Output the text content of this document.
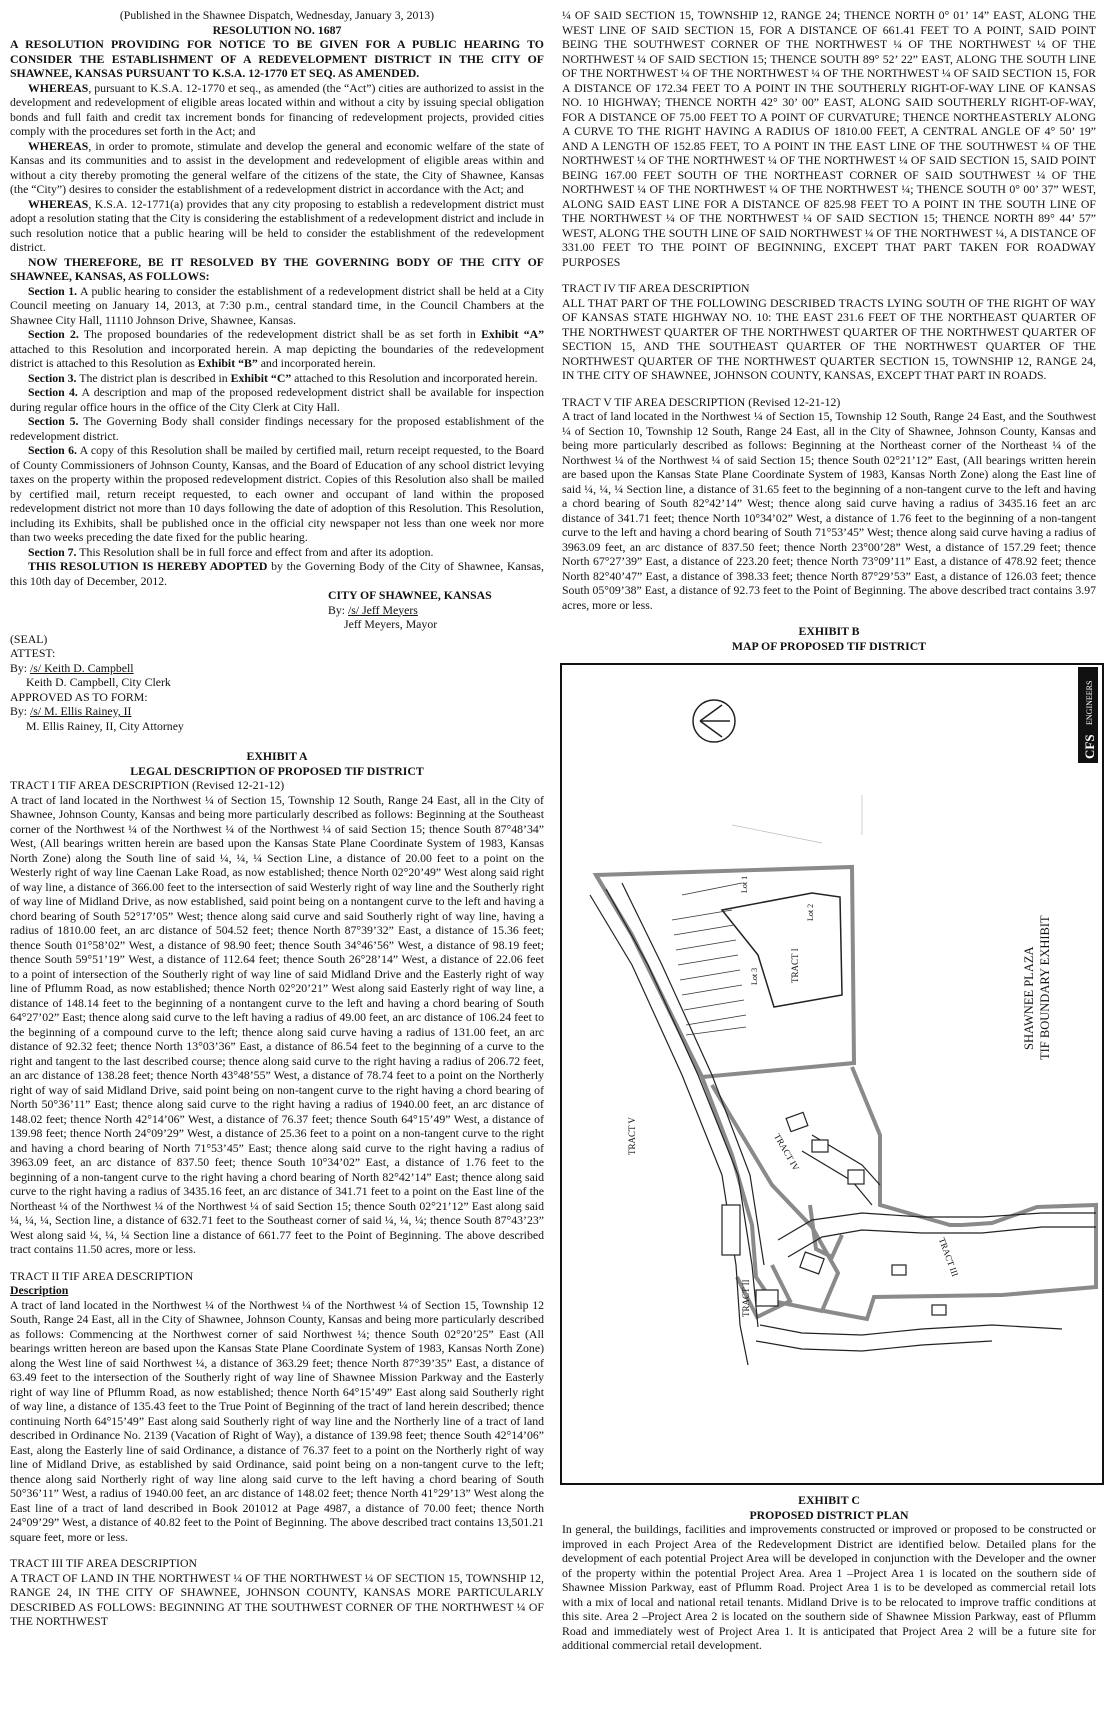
(Published in the Shawnee Dispatch, Wednesday, January 3, 2013)

RESOLUTION NO. 1687

A RESOLUTION PROVIDING FOR NOTICE TO BE GIVEN FOR A PUBLIC HEARING TO CONSIDER THE ESTABLISHMENT OF A REDEVELOPMENT DISTRICT IN THE CITY OF SHAWNEE, KANSAS PURSUANT TO K.S.A. 12-1770 ET SEQ. AS AMENDED.

WHEREAS, pursuant to K.S.A. 12-1770 et seq., as amended (the “Act”) cities are authorized to assist in the development and redevelopment of eligible areas located within and without a city by issuing special obligation bonds and full faith and credit tax increment bonds for financing of redevelopment projects, provided cities comply with the procedures set forth in the Act; and

WHEREAS, in order to promote, stimulate and develop the general and economic welfare of the state of Kansas and its communities and to assist in the development and redevelopment of eligible areas within and without a city thereby promoting the general welfare of the citizens of the state, the City of Shawnee, Kansas (the “City”) desires to consider the establishment of a redevelopment district in accordance with the Act; and

WHEREAS, K.S.A. 12-1771(a) provides that any city proposing to establish a redevelopment district must adopt a resolution stating that the City is considering the establishment of a redevelopment district and include in such resolution notice that a public hearing will be held to consider the establishment of the redevelopment district.

NOW THEREFORE, BE IT RESOLVED BY THE GOVERNING BODY OF THE CITY OF SHAWNEE, KANSAS, AS FOLLOWS:

Section 1. A public hearing to consider the establishment of a redevelopment district shall be held at a City Council meeting on January 14, 2013, at 7:30 p.m., central standard time, in the Council Chambers at the Shawnee City Hall, 11110 Johnson Drive, Shawnee, Kansas.

Section 2. The proposed boundaries of the redevelopment district shall be as set forth in Exhibit “A” attached to this Resolution and incorporated herein. A map depicting the boundaries of the redevelopment district is attached to this Resolution as Exhibit “B” and incorporated herein.

Section 3. The district plan is described in Exhibit “C” attached to this Resolution and incorporated herein.

Section 4. A description and map of the proposed redevelopment district shall be available for inspection during regular office hours in the office of the City Clerk at City Hall.

Section 5. The Governing Body shall consider findings necessary for the proposed establishment of the redevelopment district.

Section 6. A copy of this Resolution shall be mailed by certified mail, return receipt requested, to the Board of County Commissioners of Johnson County, Kansas, and the Board of Education of any school district levying taxes on the property within the proposed redevelopment district. Copies of this Resolution also shall be mailed by certified mail, return receipt requested, to each owner and occupant of land within the proposed redevelopment district not more than 10 days following the date of adoption of this Resolution. This Resolution, including its Exhibits, shall be published once in the official city newspaper not less than one week nor more than two weeks preceding the date fixed for the public hearing.

Section 7. This Resolution shall be in full force and effect from and after its adoption.

THIS RESOLUTION IS HEREBY ADOPTED by the Governing Body of the City of Shawnee, Kansas, this 10th day of December, 2012.

CITY OF SHAWNEE, KANSAS

By: /s/ Jeff Meyers

Jeff Meyers, Mayor

(SEAL)

ATTEST:

By: /s/ Keith D. Campbell

Keith D. Campbell, City Clerk

APPROVED AS TO FORM:

By: /s/ M. Ellis Rainey, II

M. Ellis Rainey, II, City Attorney

EXHIBIT A

LEGAL DESCRIPTION OF PROPOSED TIF DISTRICT

TRACT I TIF AREA DESCRIPTION (Revised 12-21-12)

A tract of land located in the Northwest ¼ of Section 15, Township 12 South, Range 24 East, all in the City of Shawnee, Johnson County, Kansas and being more particularly described as follows: Beginning at the Southeast corner of the Northwest ¼ of the Northwest ¼ of the Northwest ¼ of said Section 15; thence South 87°48’34” West, (All bearings written herein are based upon the Kansas State Plane Coordinate System of 1983, Kansas North Zone) along the South line of said ¼, ¼, ¼ Section Line, a distance of 20.00 feet to a point on the Westerly right of way line Caenan Lake Road, as now established; thence North 02°20’49” West along said right of way line, a distance of 366.00 feet to the intersection of said Westerly right of way line and the Southerly right of way line of Midland Drive, as now established, said point being on a nontangent curve to the left and having a chord bearing of South 52°17’05” West; thence along said curve and said Southerly right of way line, having a radius of 1810.00 feet, an arc distance of 504.52 feet; thence North 87°39’32” East, a distance of 15.36 feet; thence South 01°58’02” West, a distance of 98.90 feet; thence South 34°46’56” West, a distance of 98.19 feet; thence South 59°51’19” West, a distance of 112.64 feet; thence South 26°28’14” West, a distance of 22.06 feet to a point of intersection of the Southerly right of way line of said Midland Drive and the Easterly right of way line of Pflumm Road, as now established; thence North 02°20’21” West along said Easterly right of way line, a distance of 148.14 feet to the beginning of a nontangent curve to the left and having a chord bearing of South 64°27’02” East; thence along said curve to the left having a radius of 49.00 feet, an arc distance of 106.24 feet to the beginning of a compound curve to the left; thence along said curve having a radius of 131.00 feet, an arc distance of 92.32 feet; thence North 13°03’36” East, a distance of 86.54 feet to the beginning of a curve to the right and tangent to the last described course; thence along said curve to the right having a radius of 206.72 feet, an arc distance of 138.28 feet; thence North 43°48’55” West, a distance of 78.74 feet to a point on the Northerly right of way of said Midland Drive, said point being on non-tangent curve to the right having a chord bearing of North 50°36’11” East; thence along said curve to the right having a radius of 1940.00 feet, an arc distance of 148.02 feet; thence North 42°14’06” West, a distance of 76.37 feet; thence South 64°15’49” West, a distance of 139.98 feet; thence North 24°09’29” West, a distance of 25.36 feet to a point on a non-tangent curve to the right and having a chord bearing of North 71°53’45” East; thence along said curve to the right having a radius of 3963.09 feet, an arc distance of 837.50 feet; thence South 10°34’02” East, a distance of 1.76 feet to the beginning of a non-tangent curve to the right having a chord bearing of North 82°42’14” East; thence along said curve to the right having a radius of 3435.16 feet, an arc distance of 341.71 feet to a point on the East line of the Northeast ¼ of the Northwest ¼ of the Northwest ¼ of said Section 15; thence South 02°21’12” East along said ¼, ¼, ¼, Section line, a distance of 632.71 feet to the Southeast corner of said ¼, ¼, ¼; thence South 87°43’23” West along said ¼, ¼, ¼ Section line a distance of 661.77 feet to the Point of Beginning. The above described tract contains 11.50 acres, more or less.

TRACT II TIF AREA DESCRIPTION

Description

A tract of land located in the Northwest ¼ of the Northwest ¼ of the Northwest ¼ of Section 15, Township 12 South, Range 24 East, all in the City of Shawnee, Johnson County, Kansas and being more particularly described as follows: Commencing at the Northwest corner of said Northwest ¼; thence South 02°20’25” East (All bearings written hereon are based upon the Kansas State Plane Coordinate System of 1983, Kansas North Zone) along the West line of said Northwest ¼, a distance of 363.29 feet; thence North 87°39’35” East, a distance of 63.49 feet to the intersection of the Southerly right of way line of Shawnee Mission Parkway and the Easterly right of way line of Pflumm Road, as now established; thence North 64°15’49” East along said Southerly right of way line, a distance of 135.43 feet to the True Point of Beginning of the tract of land herein described; thence continuing North 64°15’49” East along said Southerly right of way line and the Northerly line of a tract of land described in Ordinance No. 2139 (Vacation of Right of Way), a distance of 139.98 feet; thence South 42°14’06” East, along the Easterly line of said Ordinance, a distance of 76.37 feet to a point on the Northerly right of way line of Midland Drive, as established by said Ordinance, said point being on a non-tangent curve to the left; thence along said Northerly right of way line along said curve to the left having a chord bearing of South 50°36’11” West, a radius of 1940.00 feet, an arc distance of 148.02 feet; thence North 41°29’13” West along the East line of a tract of land described in Book 201012 at Page 4987, a distance of 70.00 feet; thence North 24°09’29” West, a distance of 40.82 feet to the Point of Beginning. The above described tract contains 13,501.21 square feet, more or less.

TRACT III TIF AREA DESCRIPTION

A TRACT OF LAND IN THE NORTHWEST ¼ OF THE NORTHWEST ¼ OF SECTION 15, TOWNSHIP 12, RANGE 24, IN THE CITY OF SHAWNEE, JOHNSON COUNTY, KANSAS MORE PARTICULARLY DESCRIBED AS FOLLOWS: BEGINNING AT THE SOUTHWEST CORNER OF THE NORTHWEST ¼ OF THE NORTHWEST

¼ OF SAID SECTION 15, TOWNSHIP 12, RANGE 24; THENCE NORTH 0° 01’ 14” EAST, ALONG THE WEST LINE OF SAID SECTION 15, FOR A DISTANCE OF 661.41 FEET TO A POINT, SAID POINT BEING THE SOUTHWEST CORNER OF THE NORTHWEST ¼ OF THE NORTHWEST ¼ OF THE NORTHWEST ¼ OF SAID SECTION 15; THENCE SOUTH 89° 52’ 22” EAST, ALONG THE SOUTH LINE OF THE NORTHWEST ¼ OF THE NORTHWEST ¼ OF THE NORTHWEST ¼ OF SAID SECTION 15, FOR A DISTANCE OF 172.34 FEET TO A POINT IN THE SOUTHERLY RIGHT-OF-WAY LINE OF KANSAS NO. 10 HIGHWAY; THENCE NORTH 42° 30’ 00” EAST, ALONG SAID SOUTHERLY RIGHT-OF-WAY, FOR A DISTANCE OF 75.00 FEET TO A POINT OF CURVATURE; THENCE NORTHEASTERLY ALONG A CURVE TO THE RIGHT HAVING A RADIUS OF 1810.00 FEET, A CENTRAL ANGLE OF 4° 50’ 19” AND A LENGTH OF 152.85 FEET, TO A POINT IN THE EAST LINE OF THE SOUTHWEST ¼ OF THE NORTHWEST ¼ OF THE NORTHWEST ¼ OF THE NORTHWEST ¼ OF SAID SECTION 15, SAID POINT BEING 167.00 FEET SOUTH OF THE NORTHEAST CORNER OF SAID SOUTHWEST ¼ OF THE NORTHWEST ¼ OF THE NORTHWEST ¼ OF THE NORTHWEST ¼; THENCE SOUTH 0° 00’ 37” WEST, ALONG SAID EAST LINE FOR A DISTANCE OF 825.98 FEET TO A POINT IN THE SOUTH LINE OF THE NORTHWEST ¼ OF THE NORTHWEST ¼ OF SAID SECTION 15; THENCE NORTH 89° 44’ 57” WEST, ALONG THE SOUTH LINE OF SAID NORTHWEST ¼ OF THE NORTHWEST ¼, A DISTANCE OF 331.00 FEET TO THE POINT OF BEGINNING, EXCEPT THAT PART TAKEN FOR ROADWAY PURPOSES

TRACT IV TIF AREA DESCRIPTION

ALL THAT PART OF THE FOLLOWING DESCRIBED TRACTS LYING SOUTH OF THE RIGHT OF WAY OF KANSAS STATE HIGHWAY NO. 10: THE EAST 231.6 FEET OF THE NORTHEAST QUARTER OF THE NORTHWEST QUARTER OF THE NORTHWEST QUARTER OF THE NORTHWEST QUARTER OF SECTION 15, AND THE SOUTHEAST QUARTER OF THE NORTHWEST QUARTER OF THE NORTHWEST QUARTER OF THE NORTHWEST QUARTER SECTION 15, TOWNSHIP 12, RANGE 24, IN THE CITY OF SHAWNEE, JOHNSON COUNTY, KANSAS, EXCEPT THAT PART IN ROADS.

TRACT V TIF AREA DESCRIPTION (Revised 12-21-12)

A tract of land located in the Northwest ¼ of Section 15, Township 12 South, Range 24 East, and the Southwest ¼ of Section 10, Township 12 South, Range 24 East, all in the City of Shawnee, Johnson County, Kansas and being more particularly described as follows: Beginning at the Northeast corner of the Northeast ¼ of the Northwest ¼ of the Northwest ¼ of said Section 15; thence South 02°21’12” East, (All bearings written herein are based upon the Kansas State Plane Coordinate System of 1983, Kansas North Zone) along the East line of said ¼, ¼, ¼ Section line, a distance of 31.65 feet to the beginning of a non-tangent curve to the left and having a chord bearing of South 82°42’14” West; thence along said curve having a radius of 3435.16 feet an arc distance of 341.71 feet; thence North 10°34’02” West, a distance of 1.76 feet to the beginning of a non-tangent curve to the left and having a chord bearing of South 71°53’45” West; thence along said curve having a radius of 3963.09 feet, an arc distance of 837.50 feet; thence North 23°00’28” West, a distance of 157.29 feet; thence North 67°27’39” East, a distance of 223.20 feet; thence North 73°09’11” East, a distance of 478.92 feet; thence North 82°40’47” East, a distance of 398.33 feet; thence North 87°29’53” East, a distance of 126.03 feet; thence South 05°09’38” East, a distance of 92.73 feet to the Point of Beginning. The above described tract contains 3.97 acres, more or less.

EXHIBIT B

MAP OF PROPOSED TIF DISTRICT

CFS
ENGINEERS
SHAWNEE PLAZA TIF BOUNDARY EXHIBIT
TRACT I
TRACT II
TRACT III
TRACT IV
TRACT V
Lot 1
Lot 2
Lot 3

EXHIBIT C

PROPOSED DISTRICT PLAN

In general, the buildings, facilities and improvements constructed or improved or proposed to be constructed or improved in each Project Area of the Redevelopment District are identified below. Detailed plans for the development of each potential Project Area will be developed in conjunction with the Developer and the owner of the property within the potential Project Area. Area 1 –Project Area 1 is located on the southern side of Shawnee Mission Parkway, east of Pflumm Road. Project Area 1 is to be developed as commercial retail lots with a mix of local and national retail tenants. Midland Drive is to be relocated to improve traffic conditions at this site. Area 2 –Project Area 2 is located on the southern side of Shawnee Mission Parkway, east of Pflumm Road and immediately west of Project Area 1. It is anticipated that Project Area 2 will be a future site for additional commercial retail development.
